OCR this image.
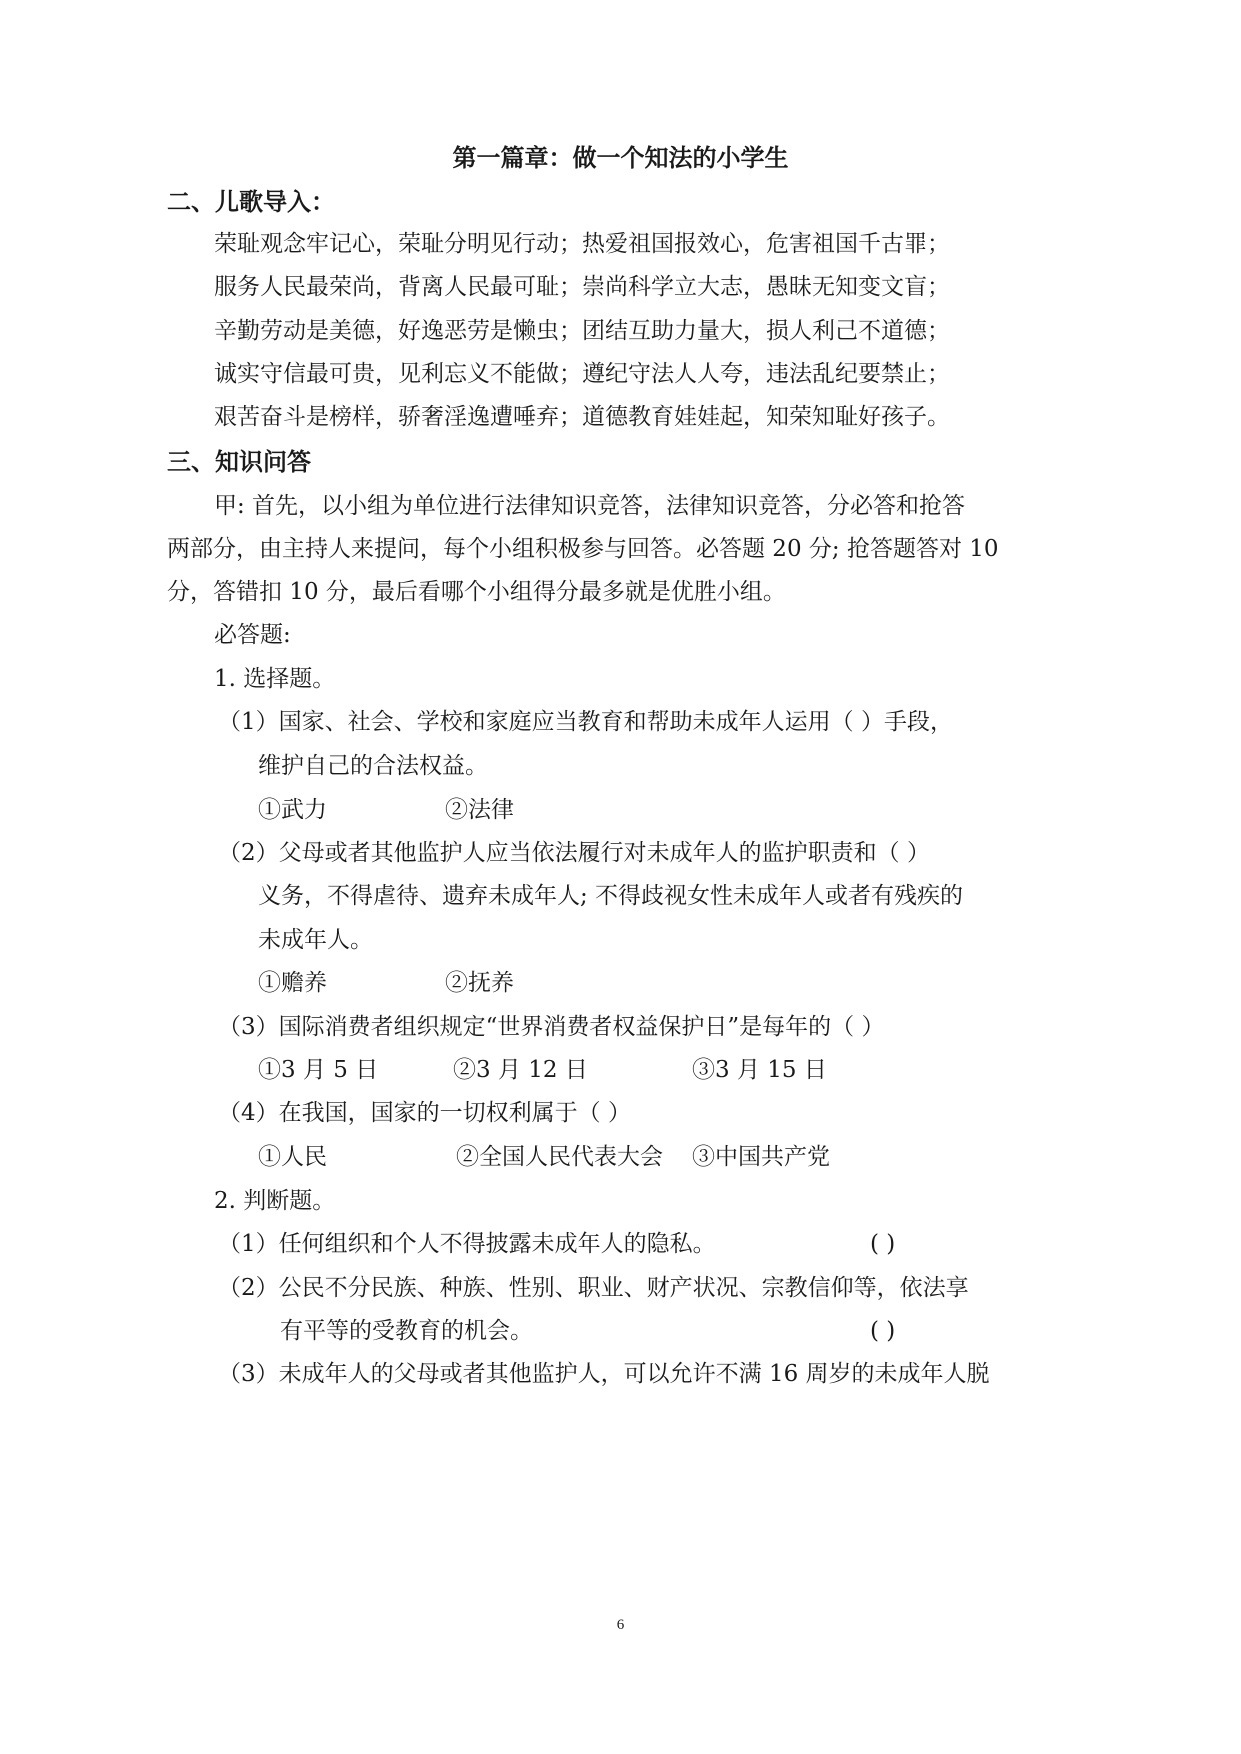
第一篇章：做一个知法的小学生
二、儿歌导入：
荣耻观念牢记心，荣耻分明见行动； 热爱祖国报效心，危害祖国千古罪；
服务人民最荣尚，背离人民最可耻； 崇尚科学立大志，愚昧无知变文盲；
辛勤劳动是美德，好逸恶劳是懒虫； 团结互助力量大，损人利己不道德；
诚实守信最可贵，见利忘义不能做； 遵纪守法人人夸，违法乱纪要禁止；
艰苦奋斗是榜样，骄奢淫逸遭唾弃； 道德教育娃娃起，知荣知耻好孩子。
三、知识问答
甲: 首先，以小组为单位进行法律知识竞答，法律知识竞答，分必答和抢答
两部分，由主持人来提问，每个小组积极参与回答。必答题 20 分; 抢答题答对 10
分，答错扣 10 分，最后看哪个小组得分最多就是优胜小组。
必答题:
1. 选择题。
（1）国家、社会、学校和家庭应当教育和帮助未成年人运用（ ）手段，
维护自己的合法权益。
①武力	②法律
（2）父母或者其他监护人应当依法履行对未成年人的监护职责和（ ）
义务，不得虐待、遗弃未成年人; 不得歧视女性未成年人或者有残疾的
未成年人。
①赡养	②抚养
（3）国际消费者组织规定“世界消费者权益保护日”是每年的（ ）
①3 月 5 日	②3 月 12 日	③3 月 15 日
（4）在我国，国家的一切权利属于（ ）
①人民	②全国人民代表大会 ③中国共产党
2. 判断题。
（1）任何组织和个人不得披露未成年人的隐私。	( )
（2）公民不分民族、种族、性别、职业、财产状况、宗教信仰等，依法享
有平等的受教育的机会。	( )
（3）未成年人的父母或者其他监护人，可以允许不满 16 周岁的未成年人脱
6
